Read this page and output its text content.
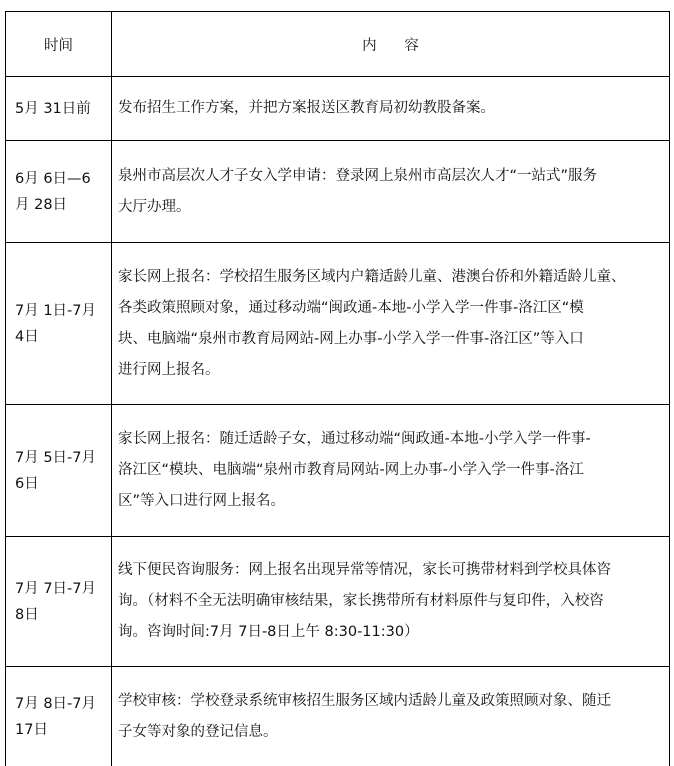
时间	内 容

5月 31日前	发布招生工作方案，并把方案报送区教育局初幼教股备案。

6月 6日—6
月 28日	泉州市高层次人才子女入学申请：登录网上泉州市高层次人才“一站式”服务
大厅办理。

7月 1日-7月
4日	家长网上报名：学校招生服务区域内户籍适龄儿童、港澳台侨和外籍适龄儿童、
各类政策照顾对象，通过移动端“闽政通-本地-小学入学一件事-洛江区“模
块、电脑端“泉州市教育局网站-网上办事-小学入学一件事-洛江区”等入口
进行网上报名。

7月 5日-7月
6日	家长网上报名：随迁适龄子女，通过移动端“闽政通-本地-小学入学一件事-
洛江区“模块、电脑端“泉州市教育局网站-网上办事-小学入学一件事-洛江
区”等入口进行网上报名。

7月 7日-7月
8日	线下便民咨询服务：网上报名出现异常等情况，家长可携带材料到学校具体咨
询。（材料不全无法明确审核结果，家长携带所有材料原件与复印件，入校咨
询。咨询时间:7月 7日-8日上午 8:30-11:30）

7月 8日-7月
17日	学校审核：学校登录系统审核招生服务区域内适龄儿童及政策照顾对象、随迁
子女等对象的登记信息。
